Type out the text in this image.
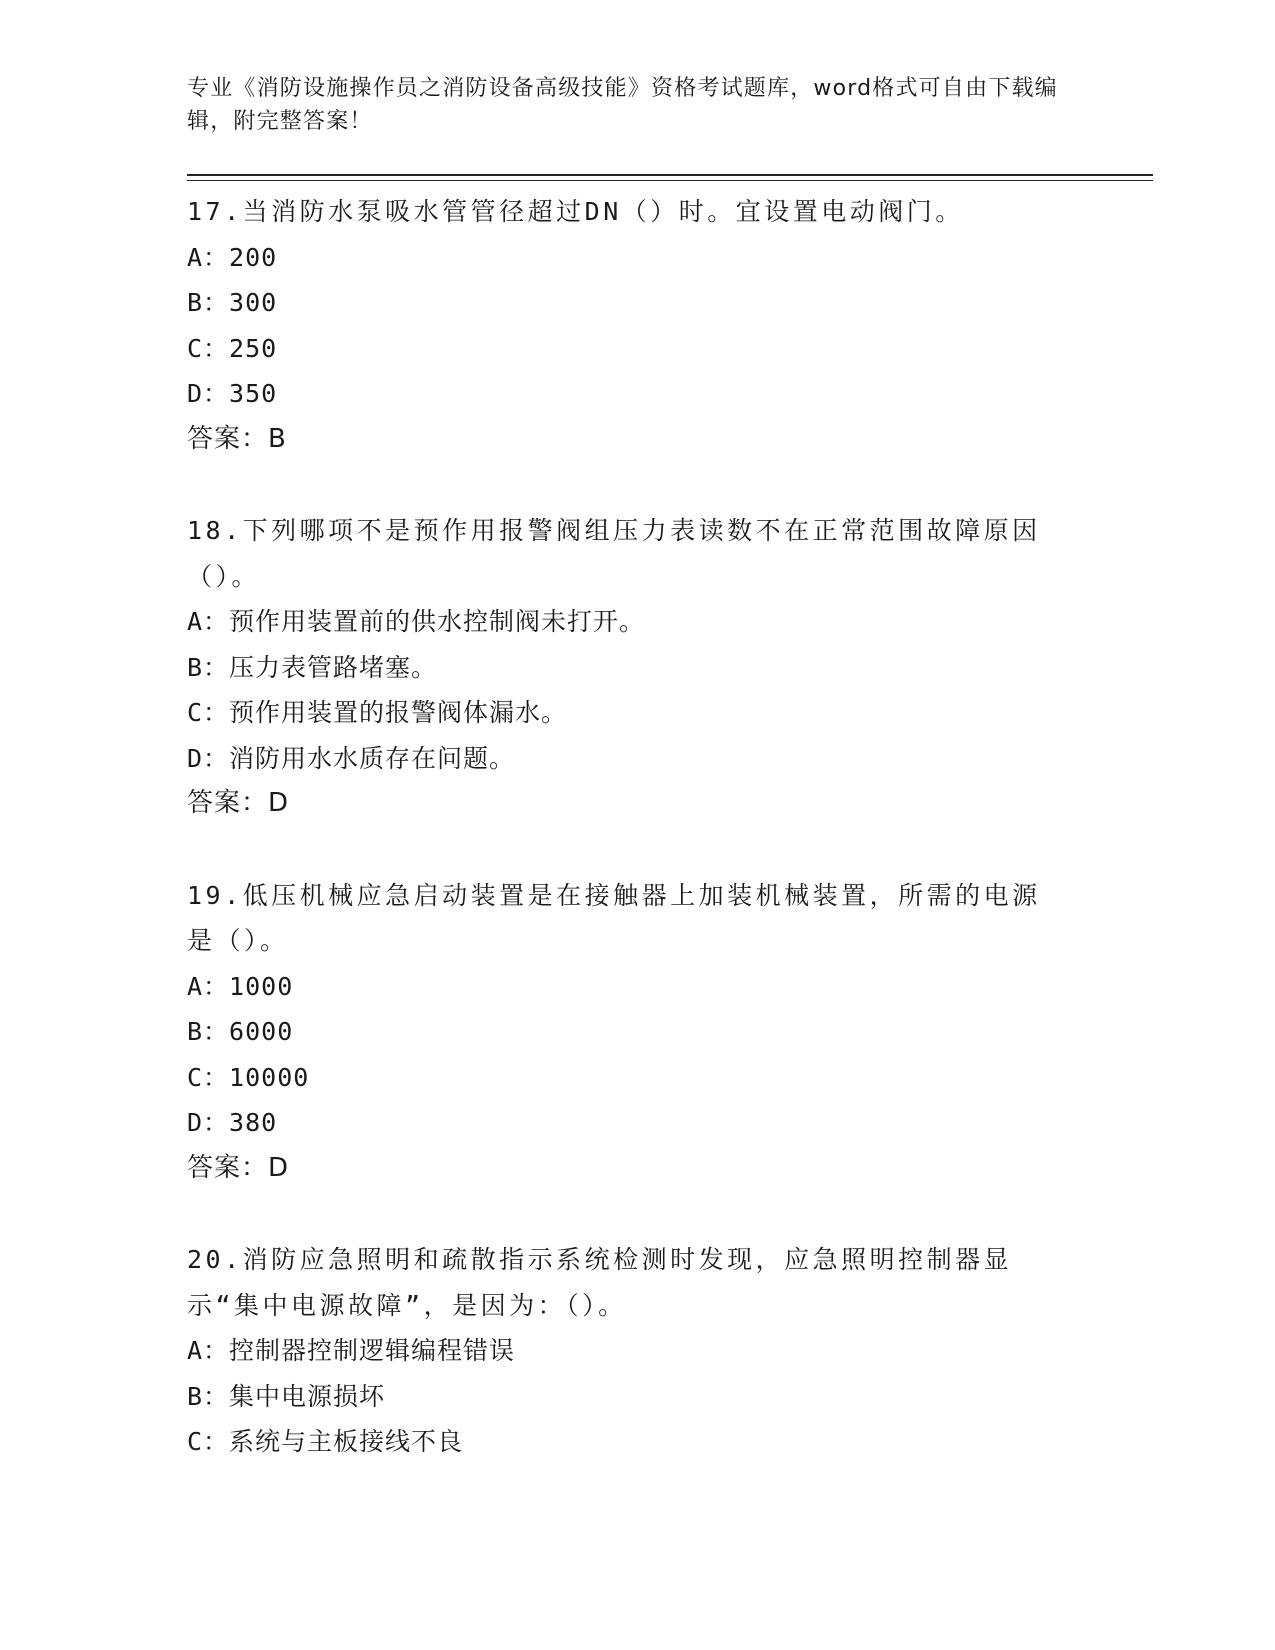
专业《消防设施操作员之消防设备高级技能》资格考试题库，word格式可自由下载编辑，附完整答案！
17.当消防水泵吸水管管径超过DN（）时。宜设置电动阀门。
A：200
B：300
C：250
D：350
答案：B
18.下列哪项不是预作用报警阀组压力表读数不在正常范围故障原因（）。
A：预作用装置前的供水控制阀未打开。
B：压力表管路堵塞。
C：预作用装置的报警阀体漏水。
D：消防用水水质存在问题。
答案：D
19.低压机械应急启动装置是在接触器上加装机械装置，所需的电源是（）。
A：1000
B：6000
C：10000
D：380
答案：D
20.消防应急照明和疏散指示系统检测时发现，应急照明控制器显示“集中电源故障”，是因为：（）。
A：控制器控制逻辑编程错误
B：集中电源损坏
C：系统与主板接线不良
